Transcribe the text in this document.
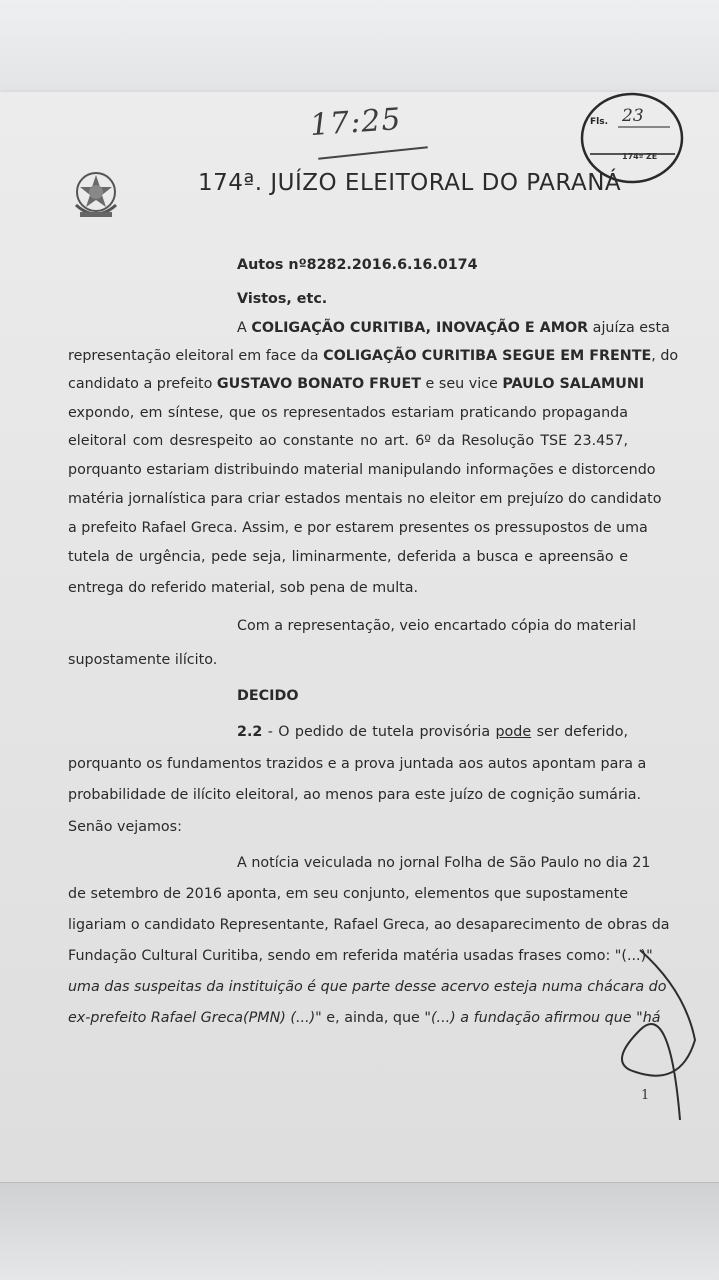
17:25
174ª. JUÍZO ELEITORAL DO PARANÁ
Fls. 23
174ª ZE
Autos nº8282.2016.6.16.0174
Vistos, etc.
A COLIGAÇÃO CURITIBA, INOVAÇÃO E AMOR ajuíza esta
representação eleitoral em face da COLIGAÇÃO CURITIBA SEGUE EM FRENTE, do
candidato a prefeito GUSTAVO BONATO FRUET e seu vice PAULO SALAMUNI
expondo, em síntese, que os representados estariam praticando propaganda
eleitoral com desrespeito ao constante no art. 6º da Resolução TSE 23.457,
porquanto estariam distribuindo material manipulando informações e distorcendo
matéria jornalística para criar estados mentais no eleitor em prejuízo do candidato
a prefeito Rafael Greca. Assim, e por estarem presentes os pressupostos de uma
tutela de urgência, pede seja, liminarmente, deferida a busca e apreensão e
entrega do referido material, sob pena de multa.
Com a representação, veio encartado cópia do material
supostamente ilícito.
DECIDO
2.2 - O pedido de tutela provisória pode ser deferido,
porquanto os fundamentos trazidos e a prova juntada aos autos apontam para a
probabilidade de ilícito eleitoral, ao menos para este juízo de cognição sumária.
Senão vejamos:
A notícia veiculada no jornal Folha de São Paulo no dia 21
de setembro de 2016 aponta, em seu conjunto, elementos que supostamente
ligariam o candidato Representante, Rafael Greca, ao desaparecimento de obras da
Fundação Cultural Curitiba, sendo em referida matéria usadas frases como: "(...)"
uma das suspeitas da instituição é que parte desse acervo esteja numa chácara do
ex-prefeito Rafael Greca(PMN) (...)" e, ainda, que "(...) a fundação afirmou que "há
1
